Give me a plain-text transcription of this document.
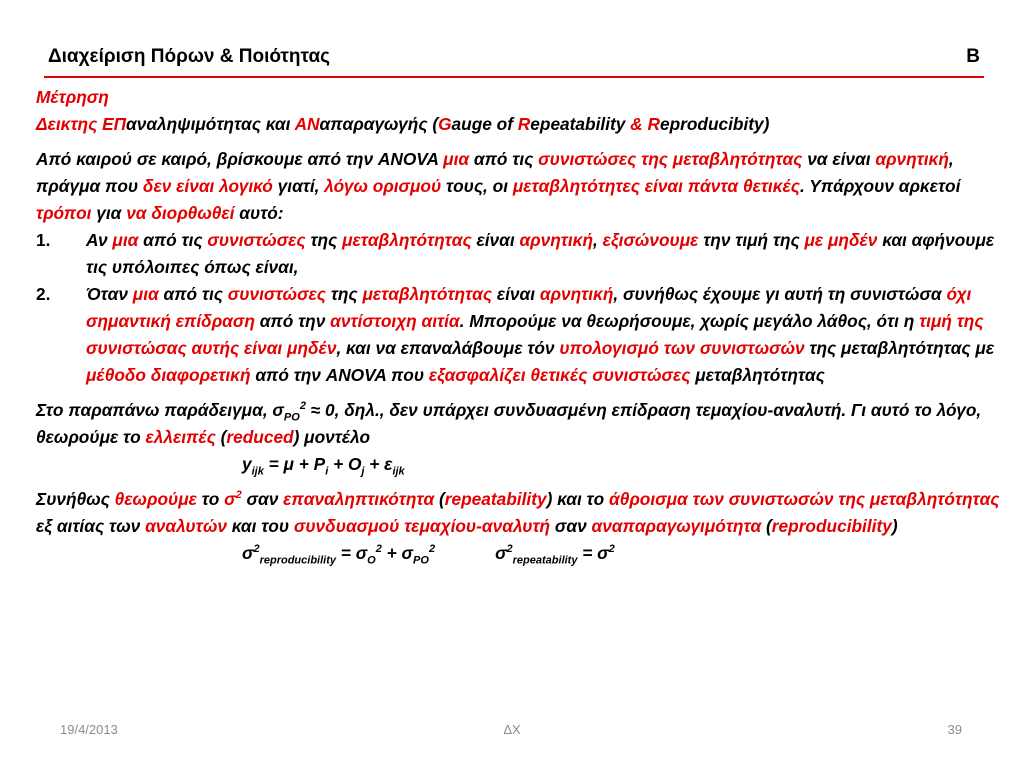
Διαχείριση Πόρων & Ποιότητας	B

Μέτρηση

Δεικτης ΕΠαναληψιμότητας και ΑΝαπαραγωγής (Gauge of Repeatability & Reproducibity)

Από καιρού σε καιρό, βρίσκουμε από την ANOVA μια από τις συνιστώσες της μεταβλητότητας να είναι αρνητική, πράγμα που δεν είναι λογικό γιατί, λόγω ορισμού τους, οι μεταβλητότητες είναι πάντα θετικές. Υπάρχουν αρκετοί τρόποι για να διορθωθεί αυτό:

1. Αν μια από τις συνιστώσες της μεταβλητότητας είναι αρνητική, εξισώνουμε την τιμή της με μηδέν και αφήνουμε τις υπόλοιπες όπως είναι,
2. Όταν μια από τις συνιστώσες της μεταβλητότητας είναι αρνητική, συνήθως έχουμε γι αυτή τη συνιστώσα όχι σημαντική επίδραση από την αντίστοιχη αιτία. Μπορούμε να θεωρήσουμε, χωρίς μεγάλο λάθος, ότι η τιμή της συνιστώσας αυτής είναι μηδέν, και να επαναλάβουμε τόν υπολογισμό των συνιστωσών της μεταβλητότητας με μέθοδο διαφορετική από την ANOVA που εξασφαλίζει θετικές συνιστώσες μεταβλητότητας

Στο παραπάνω παράδειγμα, $\sigma_{PO}^2 \approx 0$, δηλ., δεν υπάρχει συνδυασμένη επίδραση τεμαχίου-αναλυτή. Γι αυτό το λόγο, θεωρούμε το ελλειπές (reduced) μοντέλο

$y_{ijk} = \mu + P_i + O_j + \varepsilon_{ijk}$

Συνήθως θεωρούμε το $\sigma^2$ σαν επαναληπτικότητα (repeatability) και το άθροισμα των συνιστωσών της μεταβλητότητας εξ αιτίας των αναλυτών και του συνδυασμού τεμαχίου-αναλυτή σαν αναπαραγωγιμότητα (reproducibility)

$\sigma^2_{reproducibility} = \sigma_O^2 + \sigma_{PO}^2$	$\sigma^2_{repeatability} = \sigma^2$

19/4/2013	ΔΧ	39
